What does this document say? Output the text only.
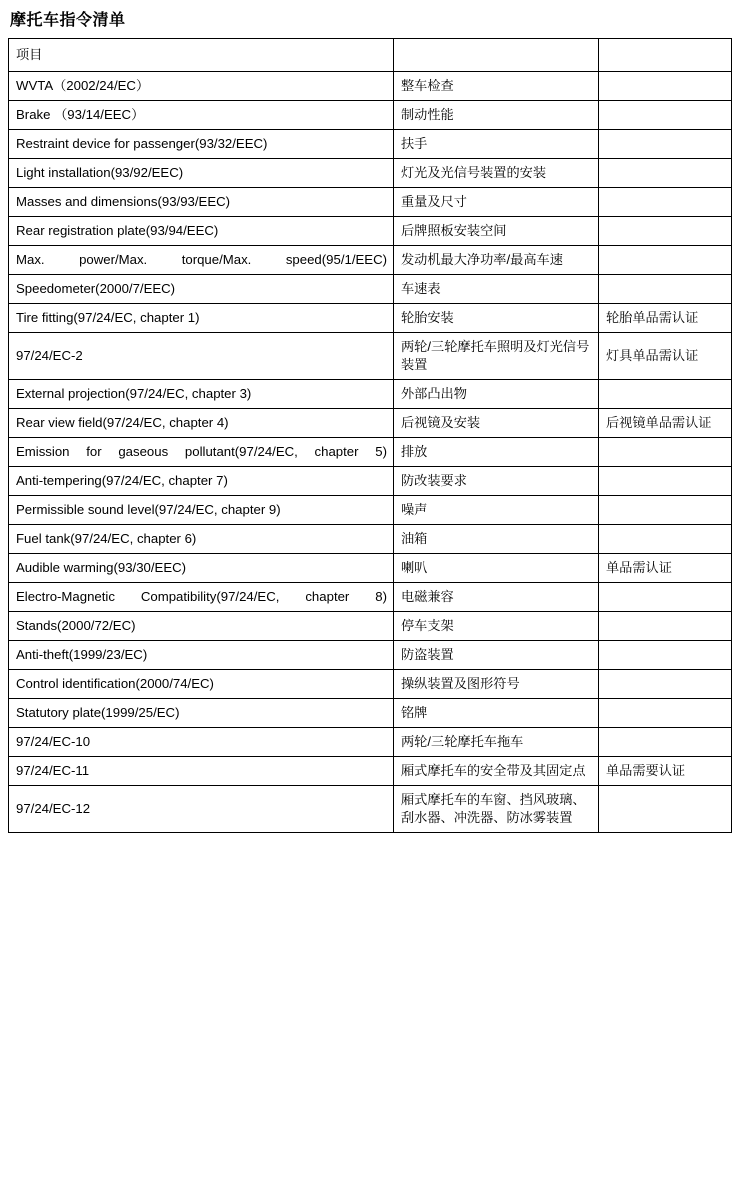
摩托车指令清单
项目		
WVTA（2002/24/EC）	整车检查	
Brake （93/14/EEC）	制动性能	
Restraint device for passenger(93/32/EEC)	扶手	
Light installation(93/92/EEC)	灯光及光信号装置的安装	
Masses and dimensions(93/93/EEC)	重量及尺寸	
Rear registration plate(93/94/EEC)	后牌照板安装空间	
Max. power/Max. torque/Max. speed(95/1/EEC)	发动机最大净功率/最高车速	
Speedometer(2000/7/EEC)	车速表	
Tire fitting(97/24/EC, chapter 1)	轮胎安装	轮胎单品需认证
97/24/EC-2	两轮/三轮摩托车照明及灯光信号装置	灯具单品需认证
External projection(97/24/EC, chapter 3)	外部凸出物	
Rear view field(97/24/EC, chapter 4)	后视镜及安装	后视镜单品需认证
Emission for gaseous pollutant(97/24/EC, chapter 5)	排放	
Anti-tempering(97/24/EC, chapter 7)	防改装要求	
Permissible sound level(97/24/EC, chapter 9)	噪声	
Fuel tank(97/24/EC, chapter 6)	油箱	
Audible warming(93/30/EEC)	喇叭	单品需认证
Electro-Magnetic Compatibility(97/24/EC, chapter 8)	电磁兼容	
Stands(2000/72/EC)	停车支架	
Anti-theft(1999/23/EC)	防盗装置	
Control identification(2000/74/EC)	操纵装置及图形符号	
Statutory plate(1999/25/EC)	铭牌	
97/24/EC-10	两轮/三轮摩托车拖车	
97/24/EC-11	厢式摩托车的安全带及其固定点	单品需要认证
97/24/EC-12	厢式摩托车的车窗、挡风玻璃、刮水器、冲洗器、防冰雾装置	
